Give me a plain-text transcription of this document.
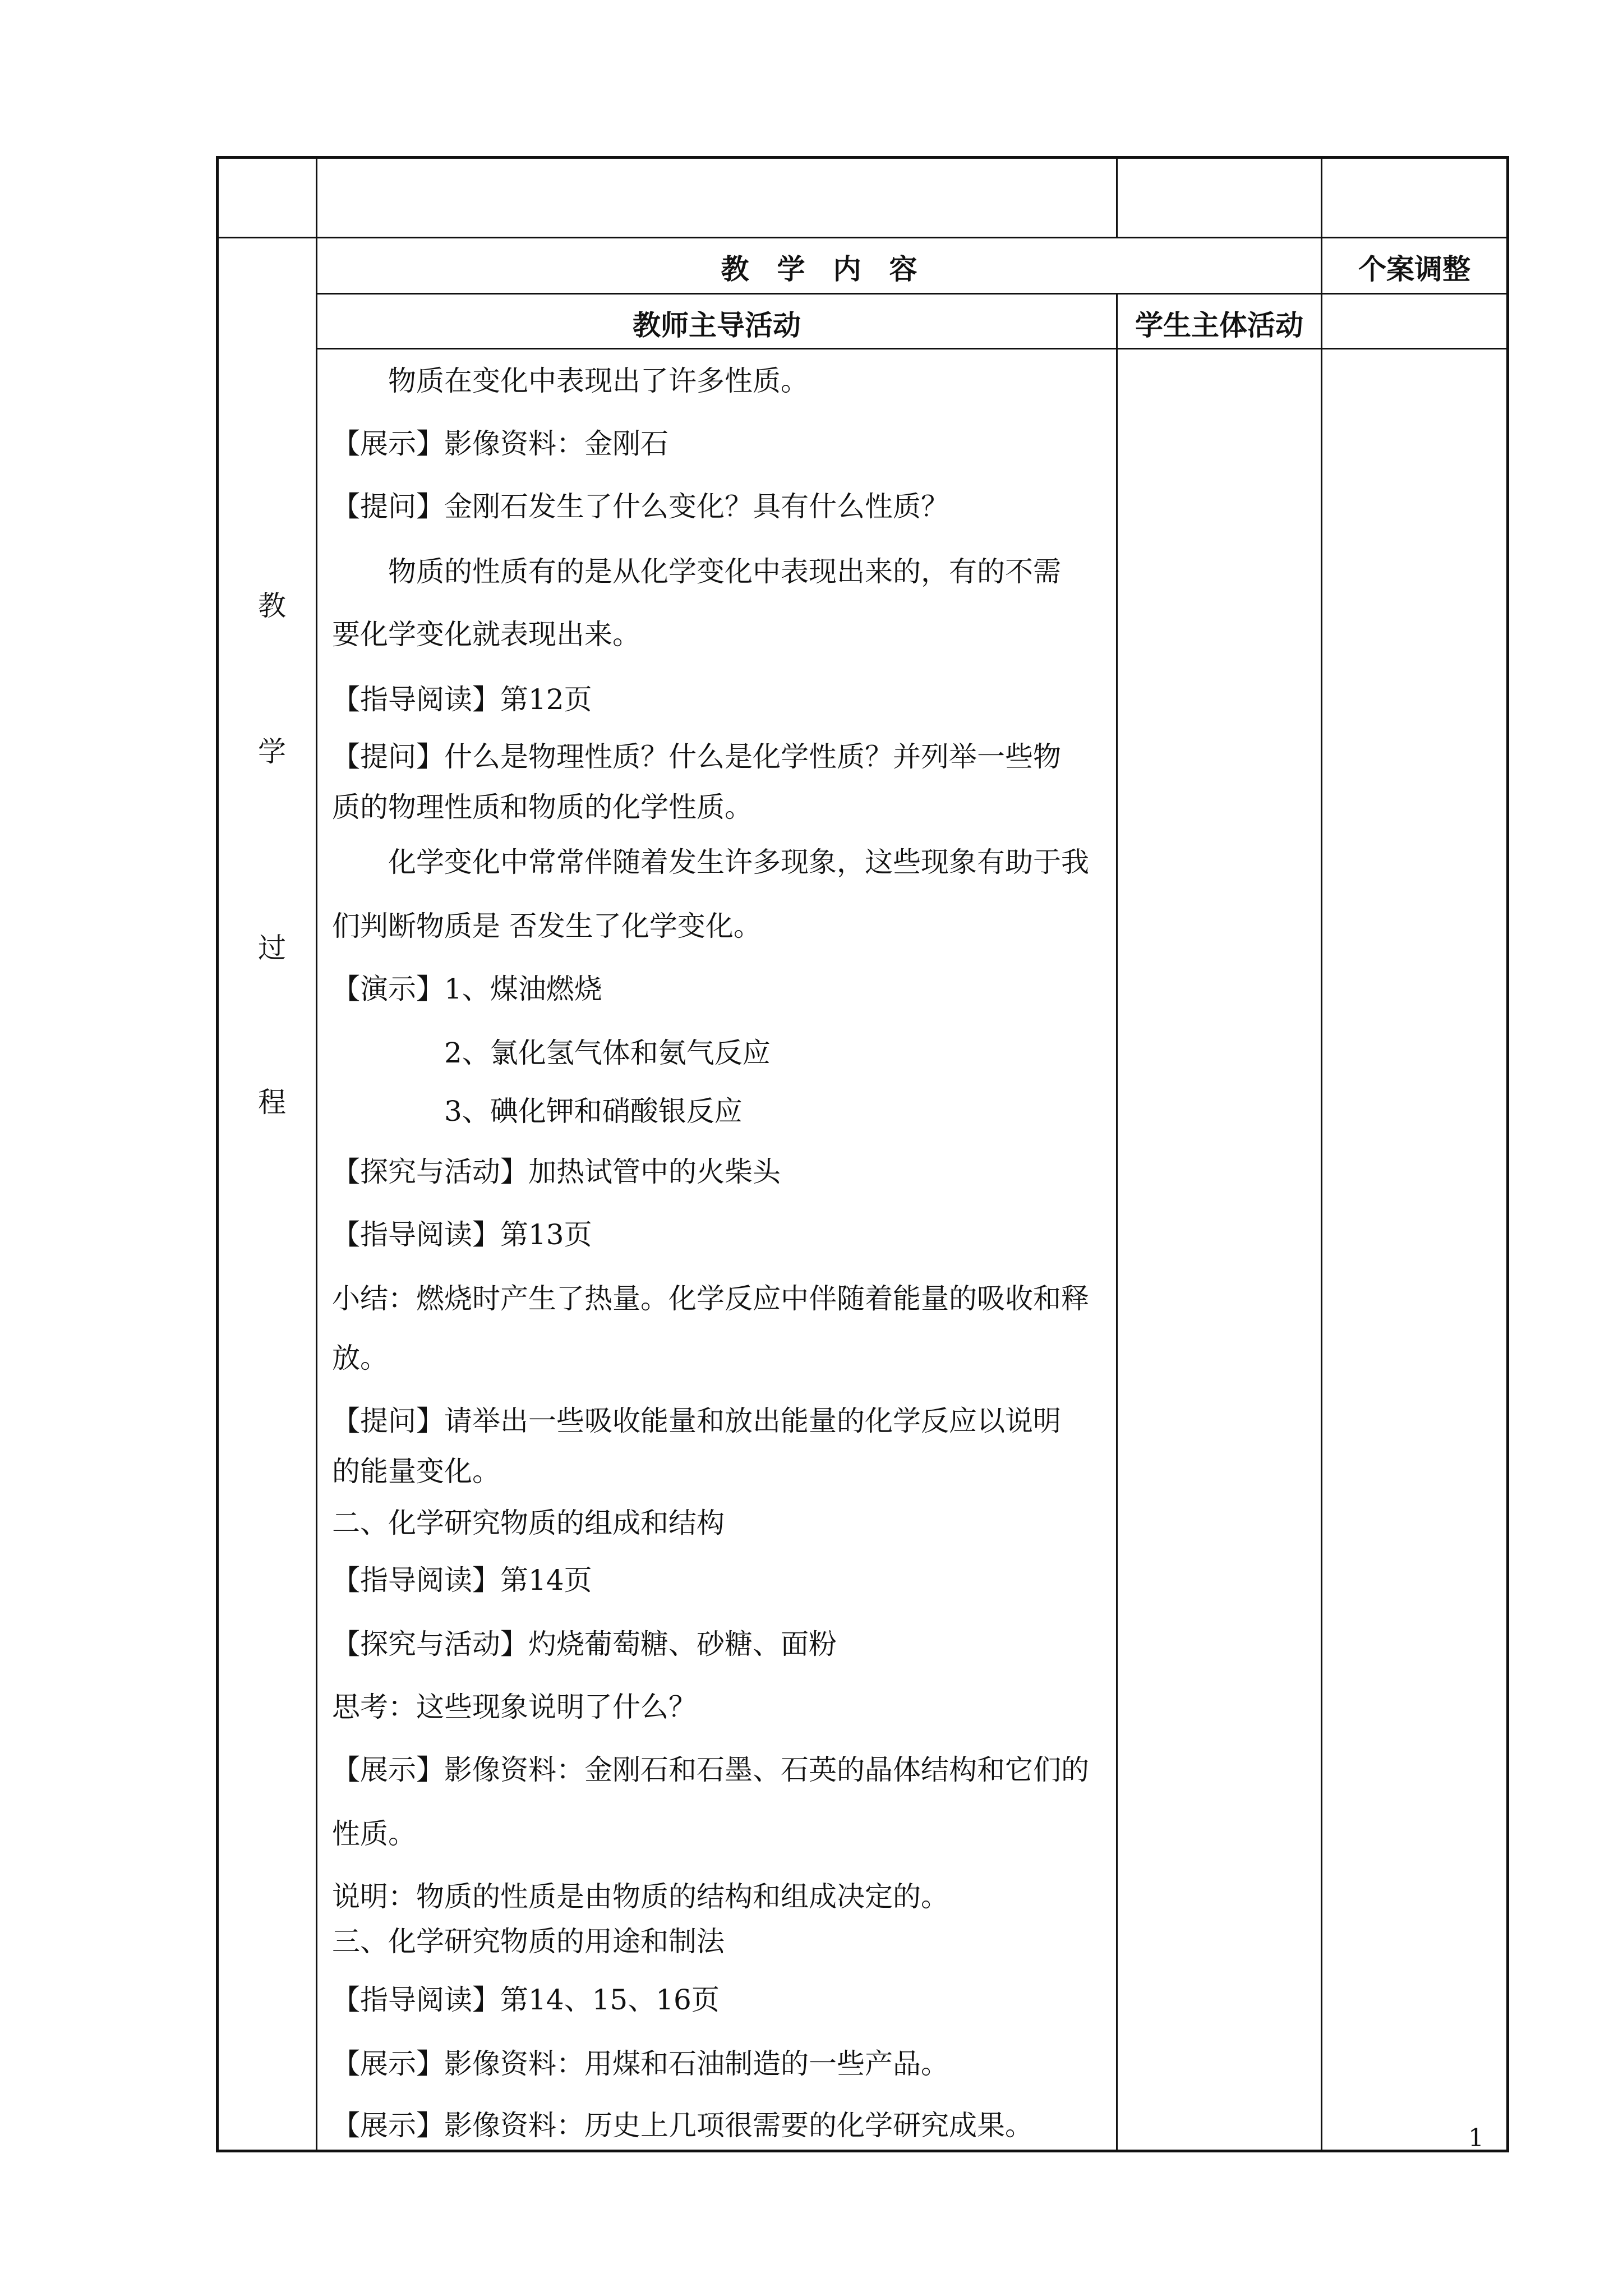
教　学　内　容	个案调整
教师主导活动	学生主体活动
教
学
过
程
物质在变化中表现出了许多性质。
【展示】影像资料：金刚石
【提问】金刚石发生了什么变化？具有什么性质？
物质的性质有的是从化学变化中表现出来的，有的不需
要化学变化就表现出来。
【指导阅读】第12页
【提问】什么是物理性质？什么是化学性质？并列举一些物
质的物理性质和物质的化学性质。
化学变化中常常伴随着发生许多现象，这些现象有助于我
们判断物质是 否发生了化学变化。
【演示】1、煤油燃烧
2、氯化氢气体和氨气反应
3、碘化钾和硝酸银反应
【探究与活动】加热试管中的火柴头
【指导阅读】第13页
小结：燃烧时产生了热量。化学反应中伴随着能量的吸收和释
放。
【提问】请举出一些吸收能量和放出能量的化学反应以说明
的能量变化。
二、化学研究物质的组成和结构
【指导阅读】第14页
【探究与活动】灼烧葡萄糖、砂糖、面粉
思考：这些现象说明了什么？
【展示】影像资料：金刚石和石墨、石英的晶体结构和它们的
性质。
说明：物质的性质是由物质的结构和组成决定的。
三、化学研究物质的用途和制法
【指导阅读】第14、15、16页
【展示】影像资料：用煤和石油制造的一些产品。
【展示】影像资料：历史上几项很需要的化学研究成果。	1
